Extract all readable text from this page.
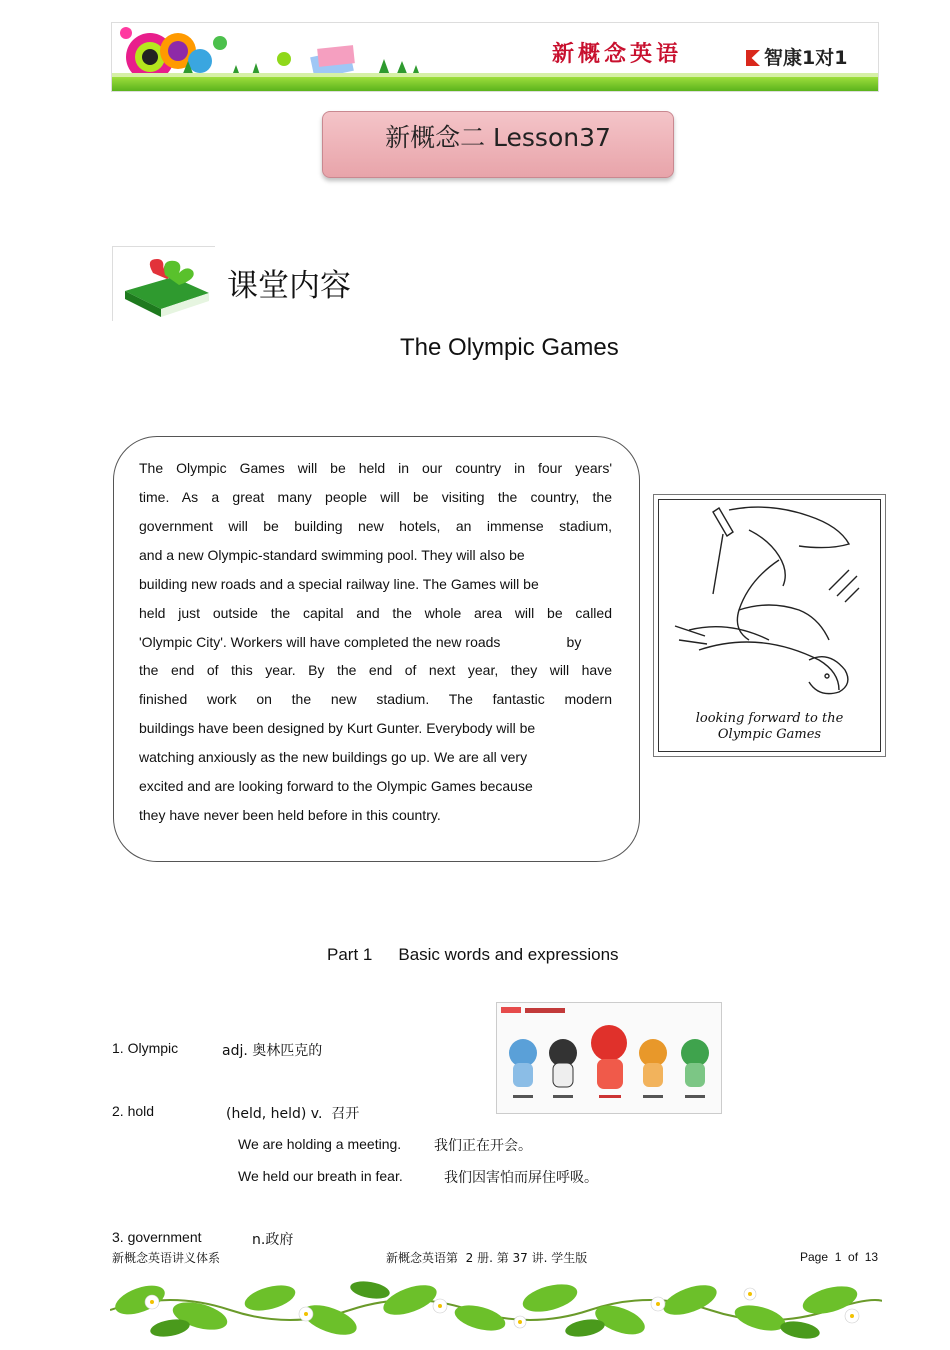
新概念英语	智康1对1
新概念二 Lesson37
课堂内容
The Olympic Games
The Olympic Games will be held in our country in four years'
time. As a great many people will be visiting the country, the
government will be building new hotels, an immense stadium,
and a new Olympic-standard swimming pool. They will also be
building new roads and a special railway line. The Games will be
held just outside the capital and the whole area will be called
'Olympic City'. Workers will have completed the new roads                 by
the end of this year. By the end of next year, they will have
finished work on the new stadium. The fantastic modern
buildings have been designed by Kurt Gunter. Everybody will be
watching anxiously as the new buildings go up. We are all very
excited and are looking forward to the Olympic Games because
they have never been held before in this country.
looking forward to the
Olympic Games
Part 1 Basic words and expressions
1. Olympic	adj. 奥林匹克的
2. hold	(held, held) v.  召开
We are holding a meeting. 我们正在开会。
We held our breath in fear.	我们因害怕而屏住呼吸。
3. government	n.政府
新概念英语讲义体系	新概念英语第  2 册. 第 37 讲. 学生版	Page  1  of  13
